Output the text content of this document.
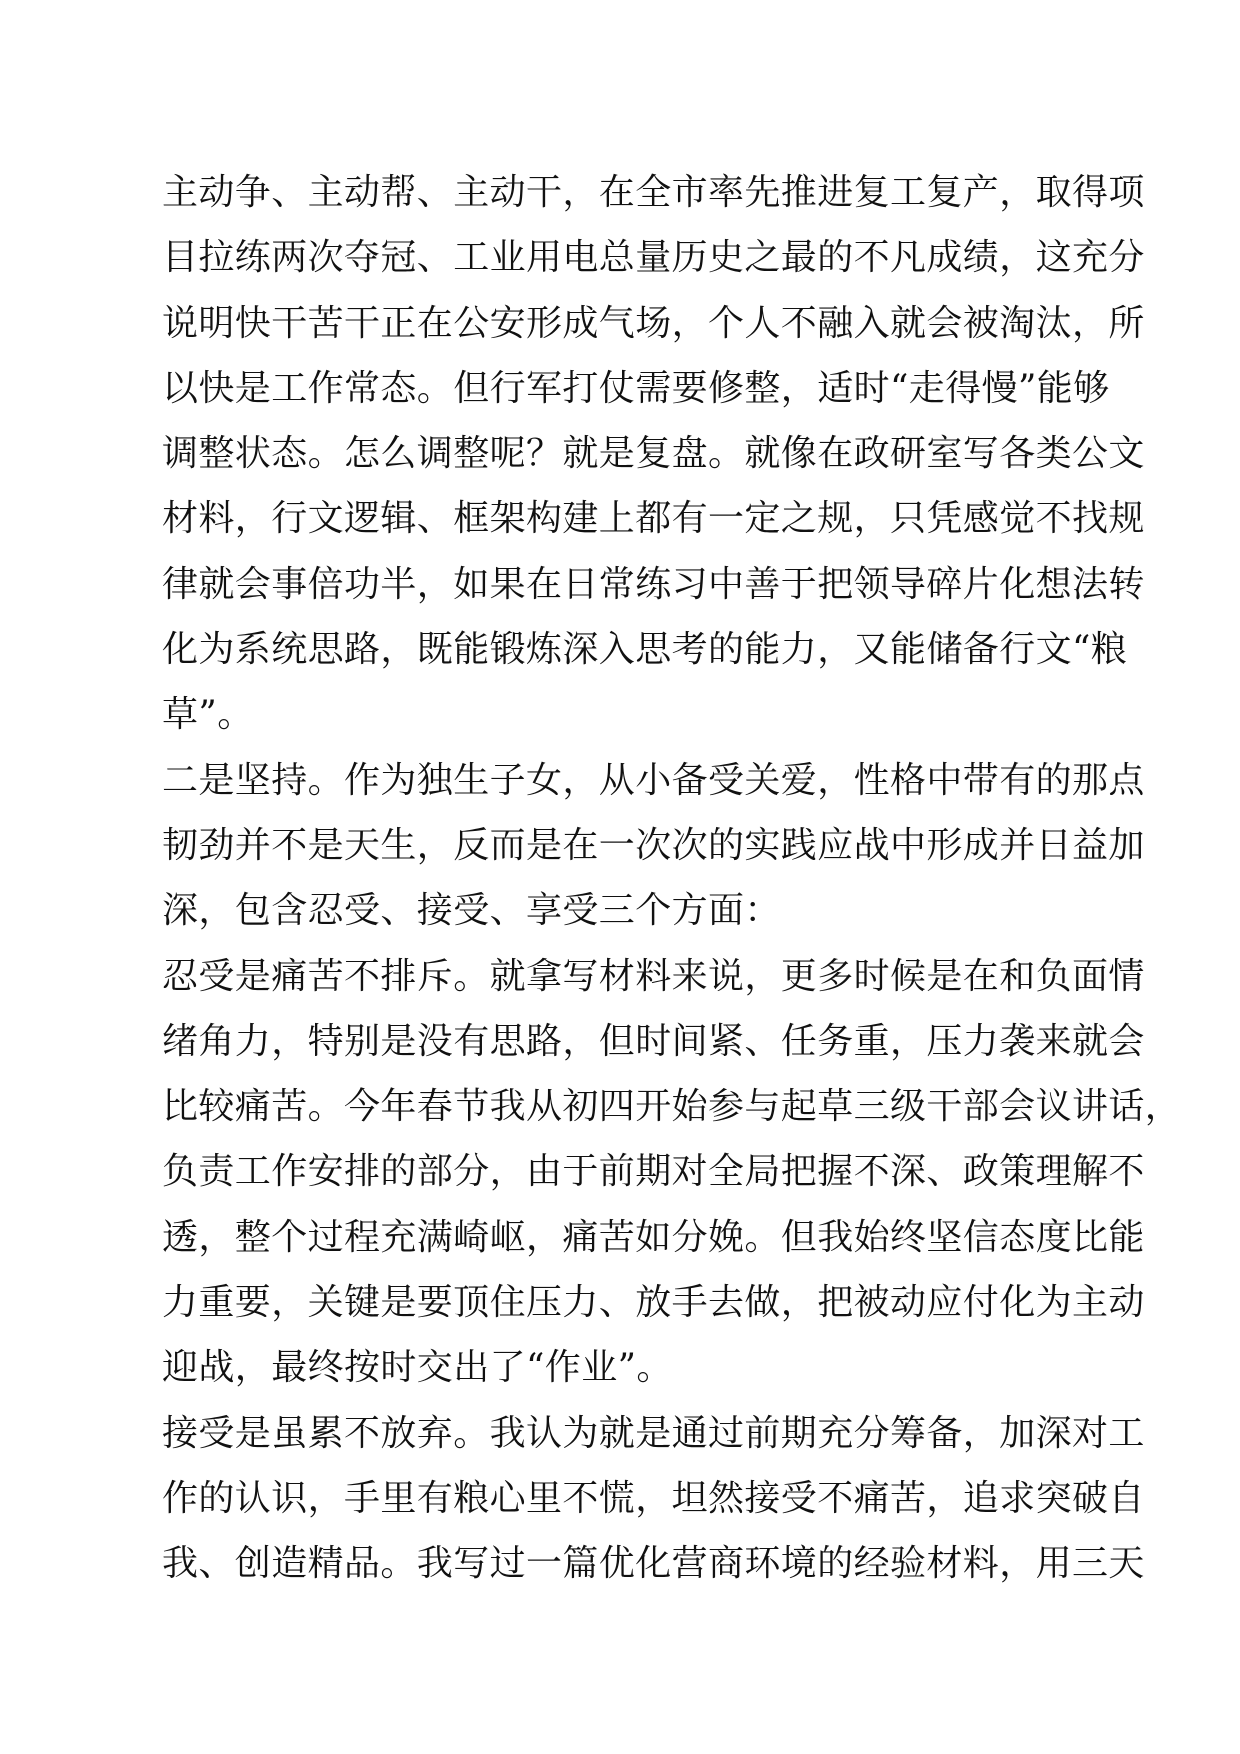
主动争、主动帮、主动干，在全市率先推进复工复产，取得项
目拉练两次夺冠、工业用电总量历史之最的不凡成绩，这充分
说明快干苦干正在公安形成气场，个人不融入就会被淘汰，所
以快是工作常态。但行军打仗需要修整，适时“走得慢”能够
调整状态。怎么调整呢？就是复盘。就像在政研室写各类公文
材料，行文逻辑、框架构建上都有一定之规，只凭感觉不找规
律就会事倍功半，如果在日常练习中善于把领导碎片化想法转
化为系统思路，既能锻炼深入思考的能力，又能储备行文“粮
草”。
二是坚持。作为独生子女，从小备受关爱，性格中带有的那点
韧劲并不是天生，反而是在一次次的实践应战中形成并日益加
深，包含忍受、接受、享受三个方面：
忍受是痛苦不排斥。就拿写材料来说，更多时候是在和负面情
绪角力，特别是没有思路，但时间紧、任务重，压力袭来就会
比较痛苦。今年春节我从初四开始参与起草三级干部会议讲话，
负责工作安排的部分，由于前期对全局把握不深、政策理解不
透，整个过程充满崎岖，痛苦如分娩。但我始终坚信态度比能
力重要，关键是要顶住压力、放手去做，把被动应付化为主动
迎战，最终按时交出了“作业”。
接受是虽累不放弃。我认为就是通过前期充分筹备，加深对工
作的认识，手里有粮心里不慌，坦然接受不痛苦，追求突破自
我、创造精品。我写过一篇优化营商环境的经验材料，用三天
